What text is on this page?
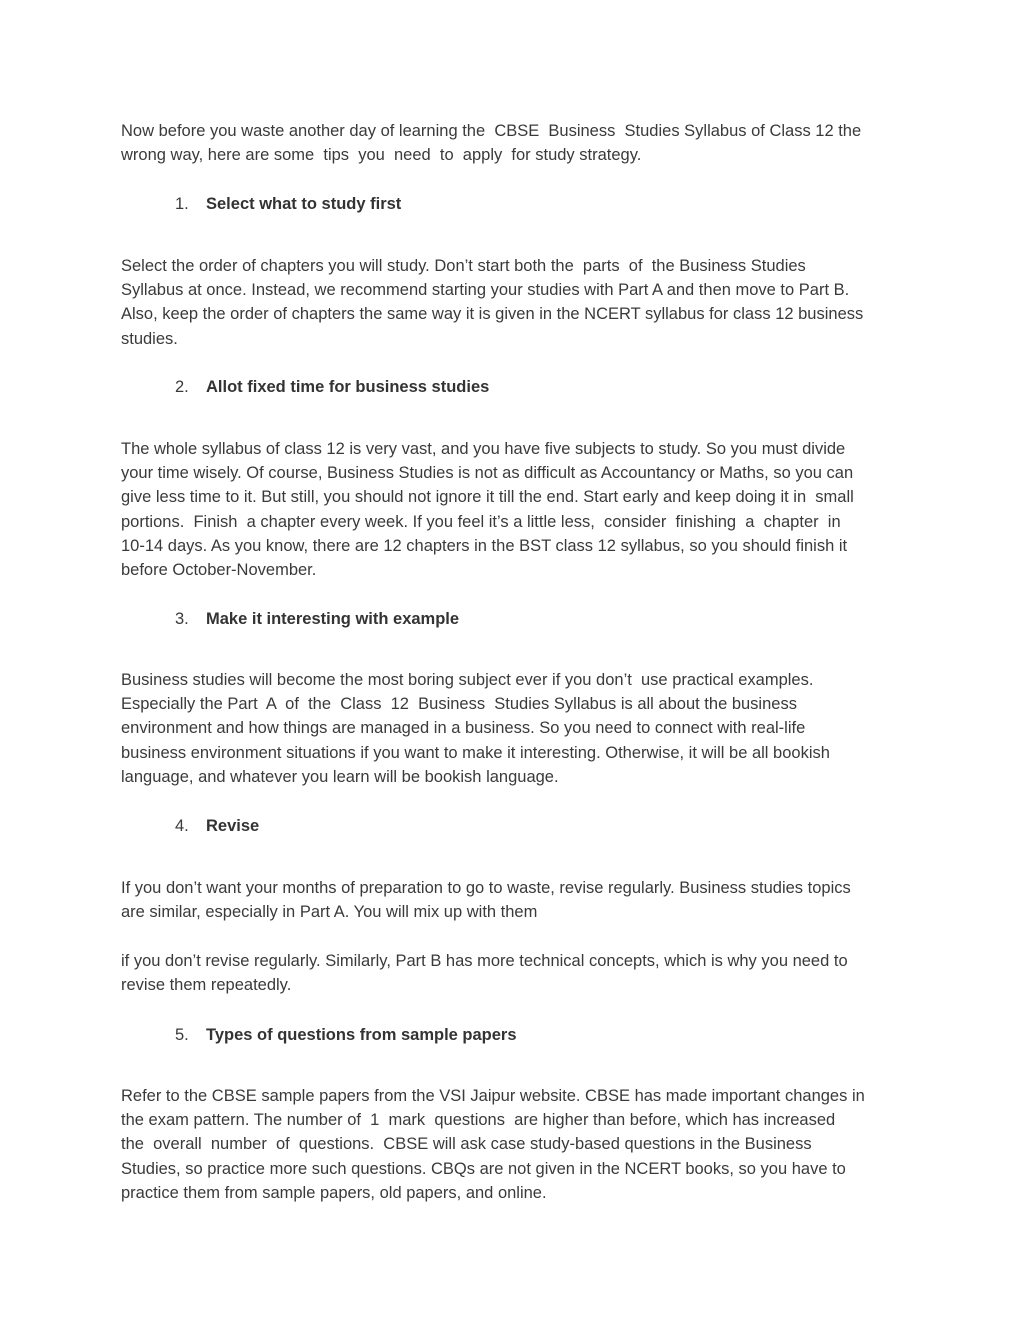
Now before you waste another day of learning the  CBSE  Business  Studies Syllabus of Class 12 the
wrong way, here are some  tips  you  need  to  apply  for study strategy.

1.	Select what to study first

Select the order of chapters you will study. Don’t start both the  parts  of  the Business Studies
Syllabus at once. Instead, we recommend starting your studies with Part A and then move to Part B.
Also, keep the order of chapters the same way it is given in the NCERT syllabus for class 12 business
studies.

2.	Allot fixed time for business studies

The whole syllabus of class 12 is very vast, and you have five subjects to study. So you must divide
your time wisely. Of course, Business Studies is not as difficult as Accountancy or Maths, so you can
give less time to it. But still, you should not ignore it till the end. Start early and keep doing it in  small
portions.  Finish  a chapter every week. If you feel it’s a little less,  consider  finishing  a  chapter  in
10-14 days. As you know, there are 12 chapters in the BST class 12 syllabus, so you should finish it
before October-November.

3.	Make it interesting with example

Business studies will become the most boring subject ever if you don’t  use practical examples.
Especially the Part  A  of  the  Class  12  Business  Studies Syllabus is all about the business
environment and how things are managed in a business. So you need to connect with real-life
business environment situations if you want to make it interesting. Otherwise, it will be all bookish
language, and whatever you learn will be bookish language.

4.	Revise

If you don’t want your months of preparation to go to waste, revise regularly. Business studies topics
are similar, especially in Part A. You will mix up with them

if you don’t revise regularly. Similarly, Part B has more technical concepts, which is why you need to
revise them repeatedly.

5.	Types of questions from sample papers

Refer to the CBSE sample papers from the VSI Jaipur website. CBSE has made important changes in
the exam pattern. The number of  1  mark  questions  are higher than before, which has increased
the  overall  number  of  questions.  CBSE will ask case study-based questions in the Business
Studies, so practice more such questions. CBQs are not given in the NCERT books, so you have to
practice them from sample papers, old papers, and online.
